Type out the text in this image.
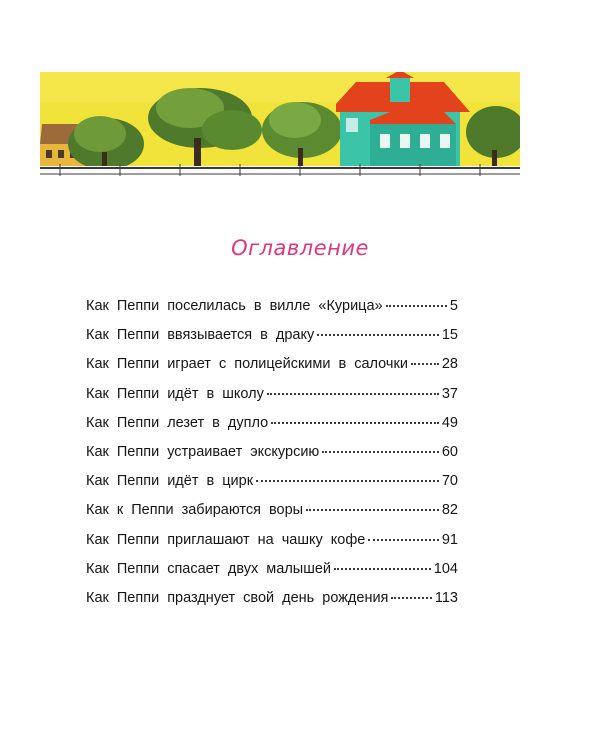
Оглавление
Как Пеппи поселилась в вилле «Курица»	5
Как Пеппи ввязывается в драку	15
Как Пеппи играет с полицейскими в салочки 28
Как Пеппи идёт в школу	37
Как Пеппи лезет в дупло	49
Как Пеппи устраивает экскурсию	60
Как Пеппи идёт в цирк	70
Как к Пеппи забираются воры	82
Как Пеппи приглашают на чашку кофе	91
Как Пеппи спасает двух малышей	104
Как Пеппи празднует свой день рождения	113
